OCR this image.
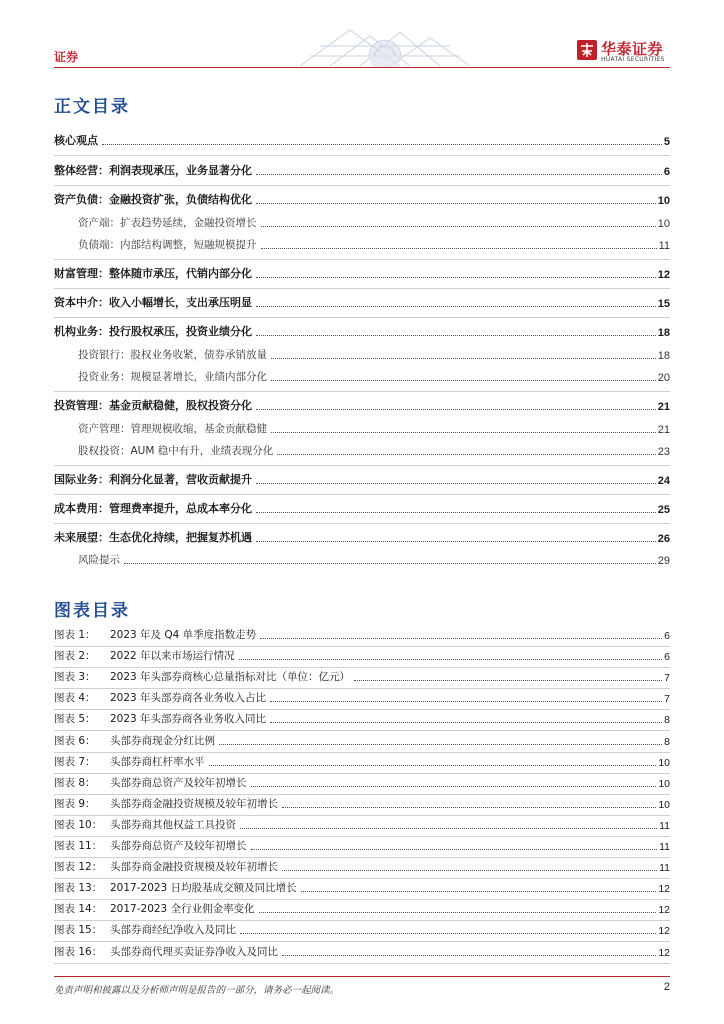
证券	华泰证券
HUATAI SECURITIES
正文目录
核心观点	5
整体经营：利润表现承压，业务显著分化	6
资产负债：金融投资扩张，负债结构优化	10
资产端：扩表趋势延续，金融投资增长	10
负债端：内部结构调整，短融规模提升	11
财富管理：整体随市承压，代销内部分化	12
资本中介：收入小幅增长，支出承压明显	15
机构业务：投行股权承压，投资业绩分化	18
投资银行：股权业务收紧，债券承销放量	18
投资业务：规模显著增长，业绩内部分化	20
投资管理：基金贡献稳健，股权投资分化	21
资产管理：管理规模收缩，基金贡献稳健	21
股权投资：AUM 稳中有升，业绩表现分化	23
国际业务：利润分化显著，营收贡献提升	24
成本费用：管理费率提升，总成本率分化	25
未来展望：生态优化持续，把握复苏机遇	26
风险提示	29
图表目录
图表 1： 2023 年及 Q4 单季度指数走势	6
图表 2： 2022 年以来市场运行情况	6
图表 3： 2023 年头部券商核心总量指标对比（单位：亿元）	7
图表 4： 2023 年头部券商各业务收入占比	7
图表 5： 2023 年头部券商各业务收入同比	8
图表 6： 头部券商现金分红比例	8
图表 7： 头部券商杠杆率水平	10
图表 8： 头部券商总资产及较年初增长	10
图表 9： 头部券商金融投资规模及较年初增长	10
图表 10： 头部券商其他权益工具投资	11
图表 11： 头部券商总资产及较年初增长	11
图表 12： 头部券商金融投资规模及较年初增长	11
图表 13： 2017-2023 日均股基成交额及同比增长	12
图表 14： 2017-2023 全行业佣金率变化	12
图表 15： 头部券商经纪净收入及同比	12
图表 16： 头部券商代理买卖证券净收入及同比	12
免责声明和披露以及分析师声明是报告的一部分，请务必一起阅读。	2
